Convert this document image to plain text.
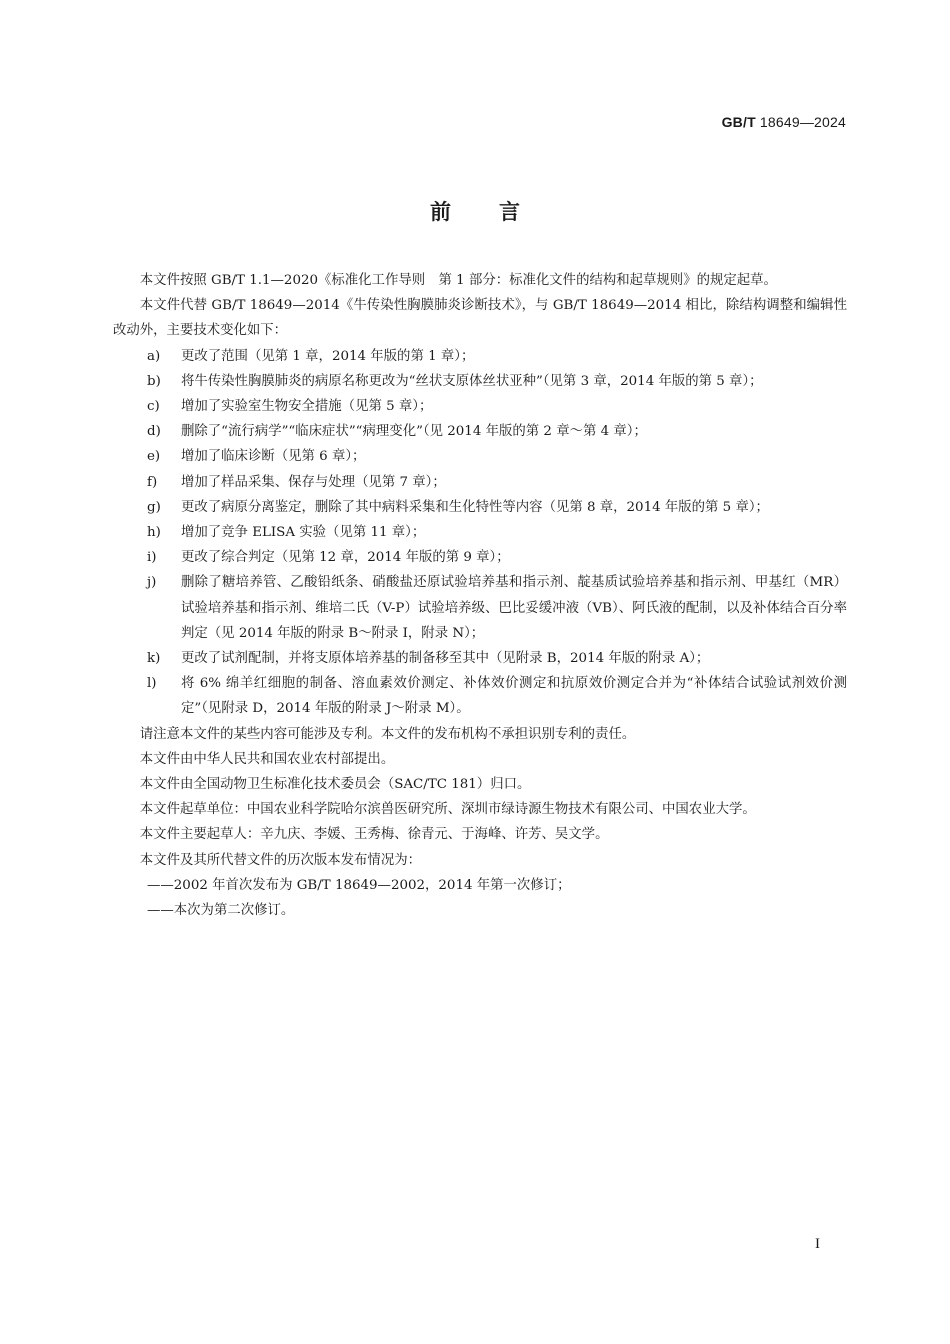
GB/T 18649—2024
前言
本文件按照 GB/T 1.1—2020《标准化工作导则　第 1 部分：标准化文件的结构和起草规则》的规定起草。
本文件代替 GB/T 18649—2014《牛传染性胸膜肺炎诊断技术》，与 GB/T 18649—2014 相比，除结构调整和编辑性改动外，主要技术变化如下：
a)	更改了范围（见第 1 章，2014 年版的第 1 章）；
b)	将牛传染性胸膜肺炎的病原名称更改为“丝状支原体丝状亚种”（见第 3 章，2014 年版的第 5 章）；
c)	增加了实验室生物安全措施（见第 5 章）；
d)	删除了“流行病学”“临床症状”“病理变化”（见 2014 年版的第 2 章～第 4 章）；
e)	增加了临床诊断（见第 6 章）；
f)	增加了样品采集、保存与处理（见第 7 章）；
g)	更改了病原分离鉴定，删除了其中病料采集和生化特性等内容（见第 8 章，2014 年版的第 5 章）；
h)	增加了竞争 ELISA 实验（见第 11 章）；
i)	更改了综合判定（见第 12 章，2014 年版的第 9 章）；
j)	删除了糖培养管、乙酸铅纸条、硝酸盐还原试验培养基和指示剂、靛基质试验培养基和指示剂、甲基红（MR）试验培养基和指示剂、维培二氏（V-P）试验培养级、巴比妥缓冲液（VB）、阿氏液的配制，以及补体结合百分率判定（见 2014 年版的附录 B～附录 I，附录 N）；
k)	更改了试剂配制，并将支原体培养基的制备移至其中（见附录 B，2014 年版的附录 A）；
l)	将 6% 绵羊红细胞的制备、溶血素效价测定、补体效价测定和抗原效价测定合并为“补体结合试验试剂效价测定”（见附录 D，2014 年版的附录 J～附录 M）。
请注意本文件的某些内容可能涉及专利。本文件的发布机构不承担识别专利的责任。
本文件由中华人民共和国农业农村部提出。
本文件由全国动物卫生标准化技术委员会（SAC/TC 181）归口。
本文件起草单位：中国农业科学院哈尔滨兽医研究所、深圳市绿诗源生物技术有限公司、中国农业大学。
本文件主要起草人：辛九庆、李媛、王秀梅、徐青元、于海峰、许芳、吴文学。
本文件及其所代替文件的历次版本发布情况为：
——2002 年首次发布为 GB/T 18649—2002，2014 年第一次修订；
——本次为第二次修订。
I
